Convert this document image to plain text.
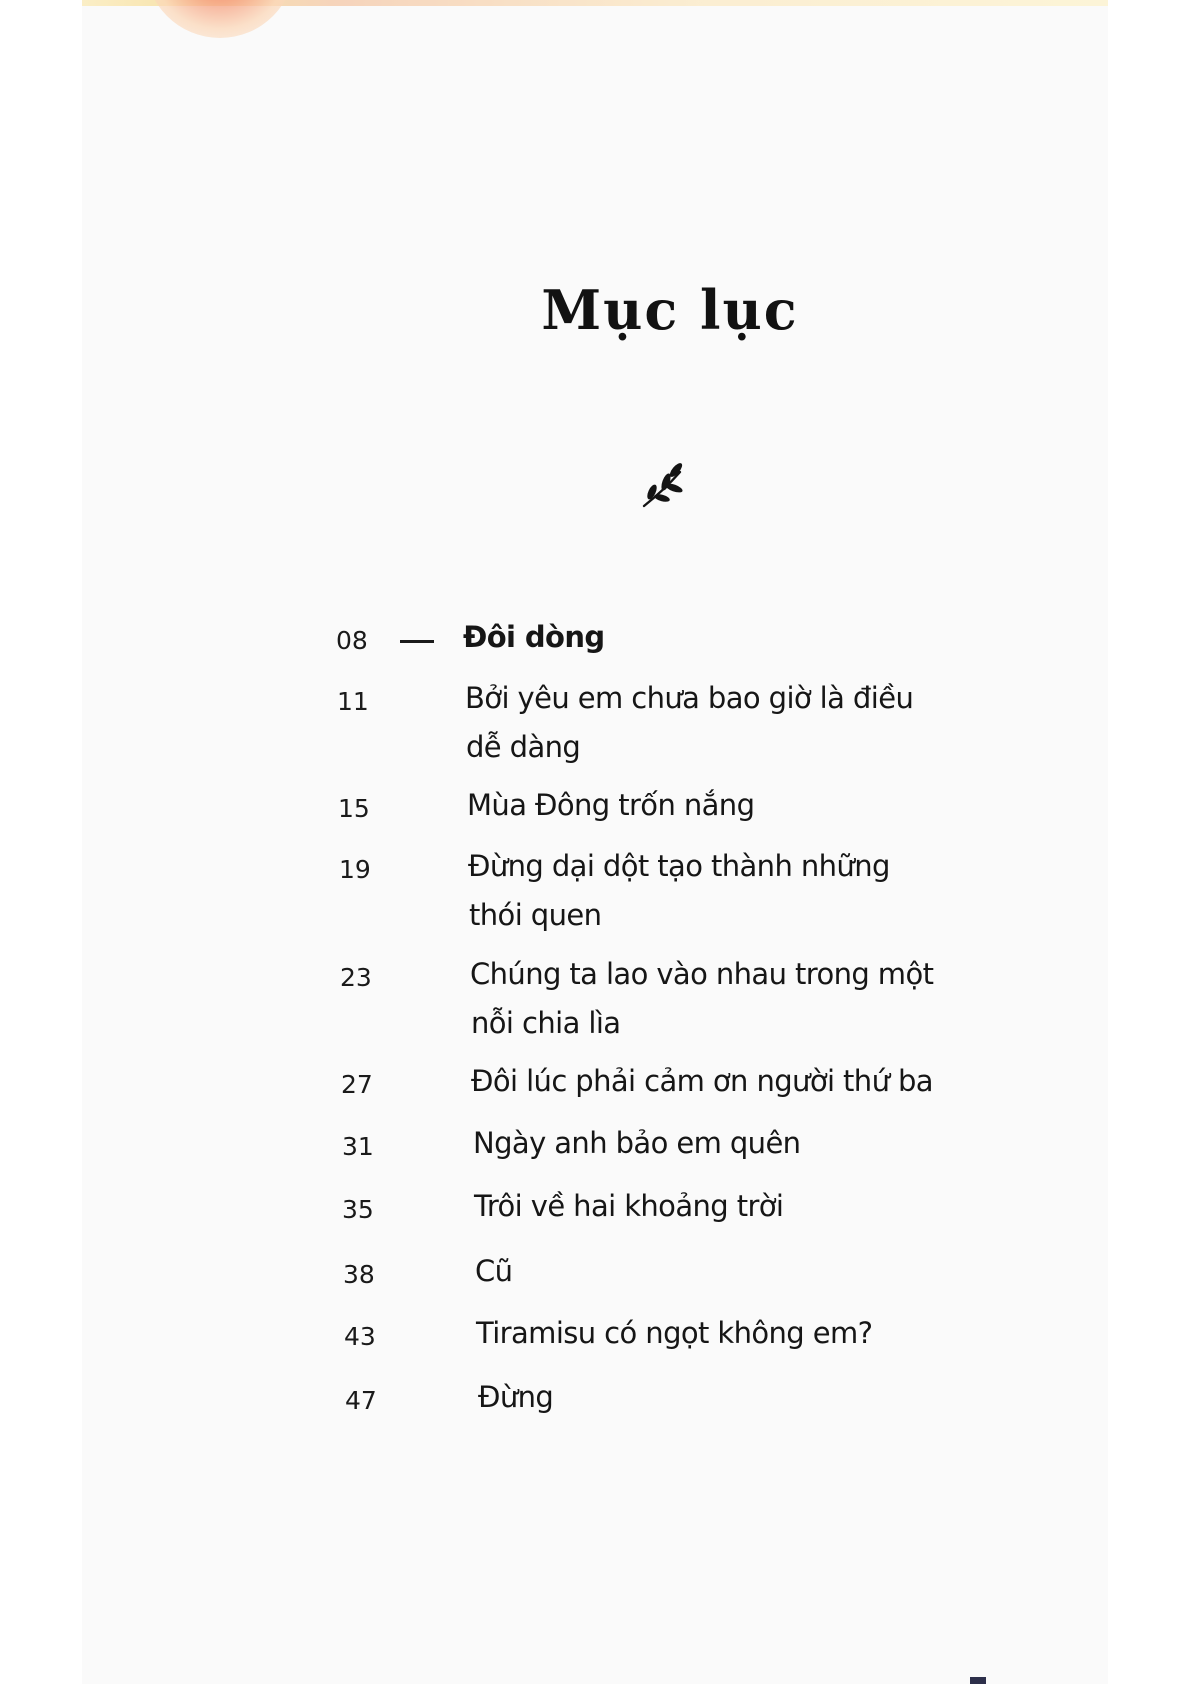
Mục lục
08	Đôi dòng
11	Bởi yêu em chưa bao giờ là điều
dễ dàng
15	Mùa Đông trốn nắng
19	Đừng dại dột tạo thành những
thói quen
23	Chúng ta lao vào nhau trong một
nỗi chia lìa
27	Đôi lúc phải cảm ơn người thứ ba
31	Ngày anh bảo em quên
35	Trôi về hai khoảng trời
38	Cũ
43	Tiramisu có ngọt không em?
47	Đừng
